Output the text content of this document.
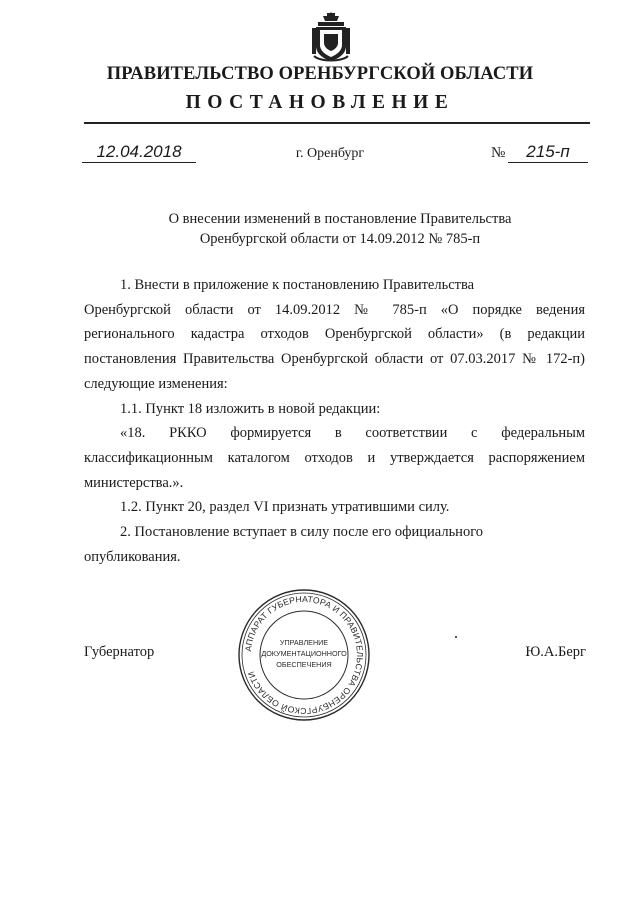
ПРАВИТЕЛЬСТВО ОРЕНБУРГСКОЙ ОБЛАСТИ
ПОСТАНОВЛЕНИЕ
12.04.2018	г. Оренбург	№	215-п
О внесении изменений в постановление Правительства
Оренбургской области от 14.09.2012 № 785-п

1. Внести в приложение к постановлению Правительства

Оренбургской области от 14.09.2012 № 785-п «О порядке ведения регионального кадастра отходов Оренбургской области» (в редакции постановления Правительства Оренбургской области от 07.03.2017 № 172-п) следующие изменения:

1.1. Пункт 18 изложить в новой редакции:

«18. РККО формируется в соответствии с федеральным классификационным каталогом отходов и утверждается распоряжением министерства.».

1.2. Пункт 20, раздел VI признать утратившими силу.

2. Постановление вступает в силу после его официального

опубликования.

Губернатор	Ю.А.Берг
АППАРАТ ГУБЕРНАТОРА И ПРАВИТЕЛЬСТВА ОРЕНБУРГСКОЙ ОБЛАСТИ
УПРАВЛЕНИЕ
ДОКУМЕНТАЦИОННОГО
ОБЕСПЕЧЕНИЯ
